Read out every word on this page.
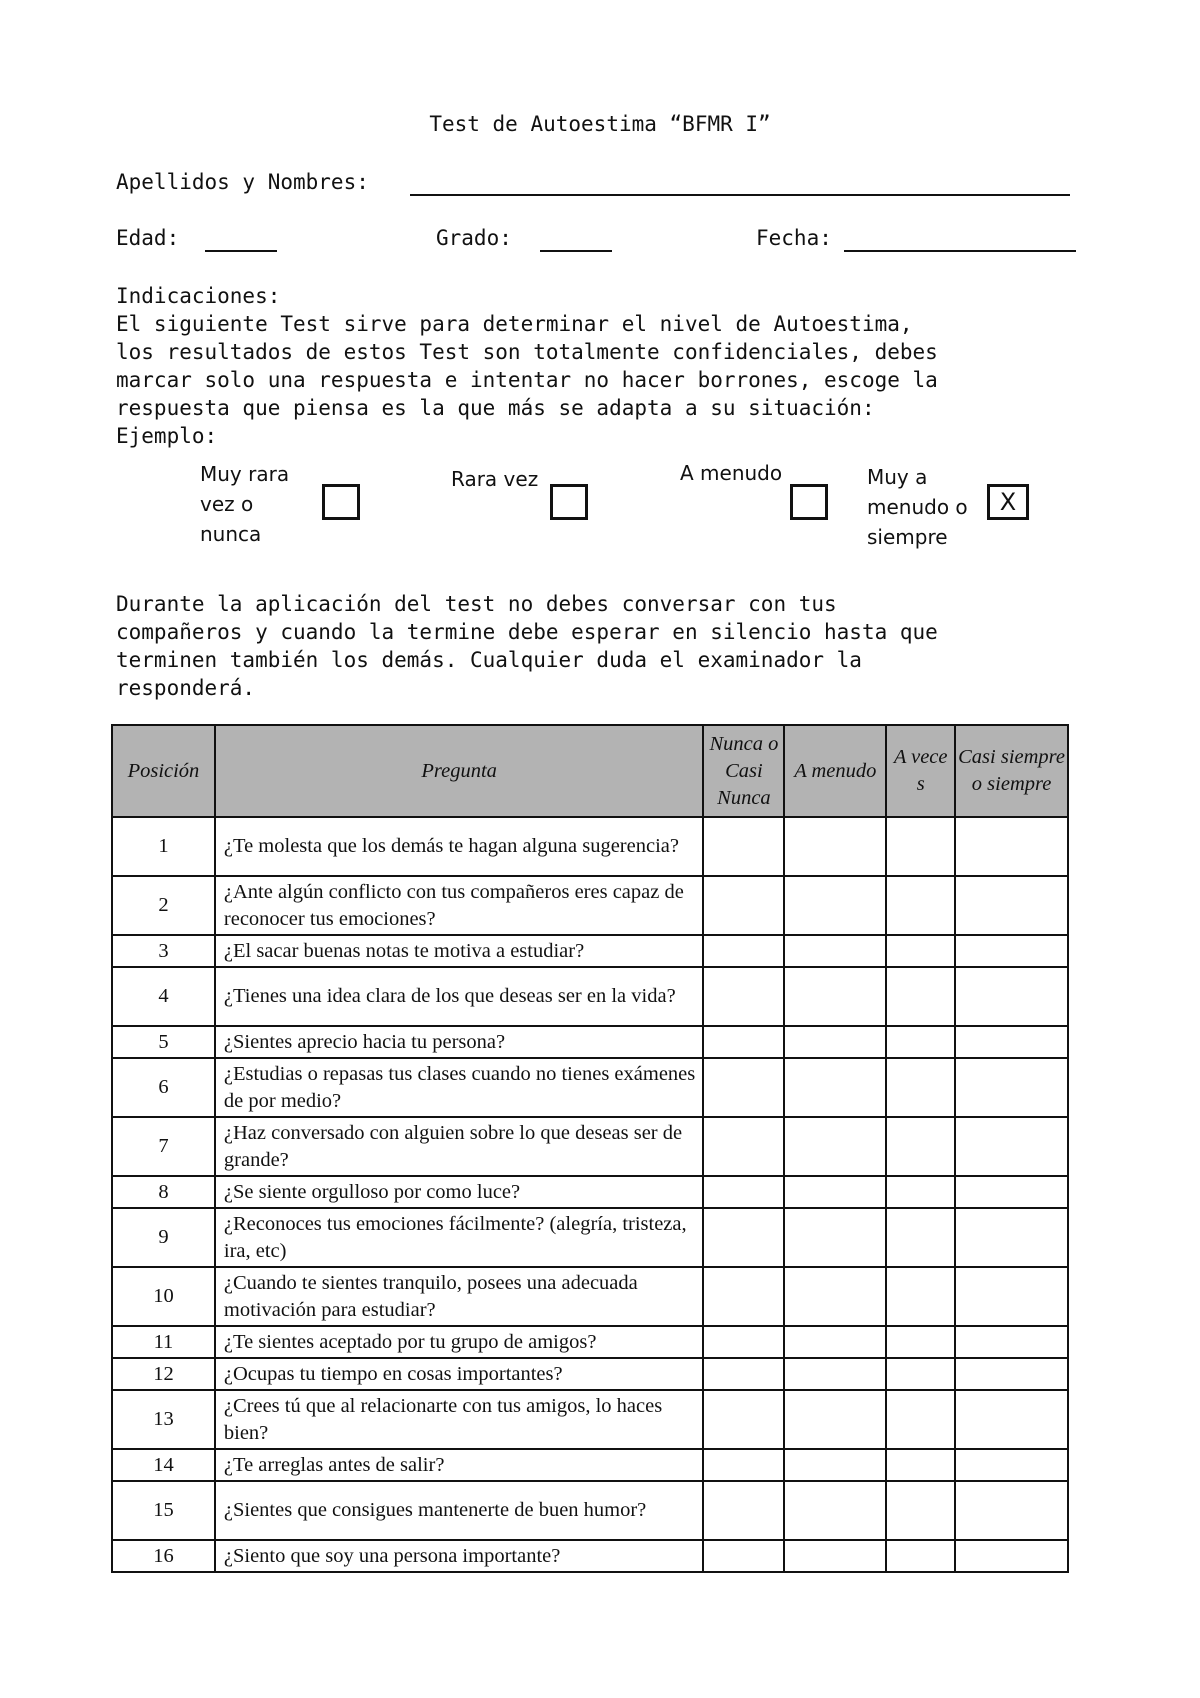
Test de Autoestima “BFMR I”
Apellidos y Nombres:
Edad:	Grado:	Fecha:
Indicaciones:
El siguiente Test sirve para determinar el nivel de Autoestima,
los resultados de estos Test son totalmente confidenciales, debes
marcar solo una respuesta e intentar no hacer borrones, escoge la
respuesta que piensa es la que más se adapta a su situación:
Ejemplo:
Muy rara
vez o
nunca
Rara vez	A menudo	Muy a
menudo o
siempre
X
Durante la aplicación del test no debes conversar con tus
compañeros y cuando la termine debe esperar en silencio hasta que
terminen también los demás. Cualquier duda el examinador la
responderá.
Posición	Pregunta	Nunca o Casi Nunca	A menudo	A vece s	Casi siempre o siempre
1	¿Te molesta que los demás te hagan alguna sugerencia?				
2	¿Ante algún conflicto con tus compañeros eres capaz de reconocer tus emociones?				
3	¿El sacar buenas notas te motiva a estudiar?				
4	¿Tienes una idea clara de los que deseas ser en la vida?				
5	¿Sientes aprecio hacia tu persona?				
6	¿Estudias o repasas tus clases cuando no tienes exámenes de por medio?				
7	¿Haz conversado con alguien sobre lo que deseas ser de grande?				
8	¿Se siente orgulloso por como luce?				
9	¿Reconoces tus emociones fácilmente? (alegría, tristeza, ira, etc)				
10	¿Cuando te sientes tranquilo, posees una adecuada motivación para estudiar?				
11	¿Te sientes aceptado por tu grupo de amigos?				
12	¿Ocupas tu tiempo en cosas importantes?				
13	¿Crees tú que al relacionarte con tus amigos, lo haces bien?				
14	¿Te arreglas antes de salir?				
15	¿Sientes que consigues mantenerte de buen humor?				
16	¿Siento que soy una persona importante?				
